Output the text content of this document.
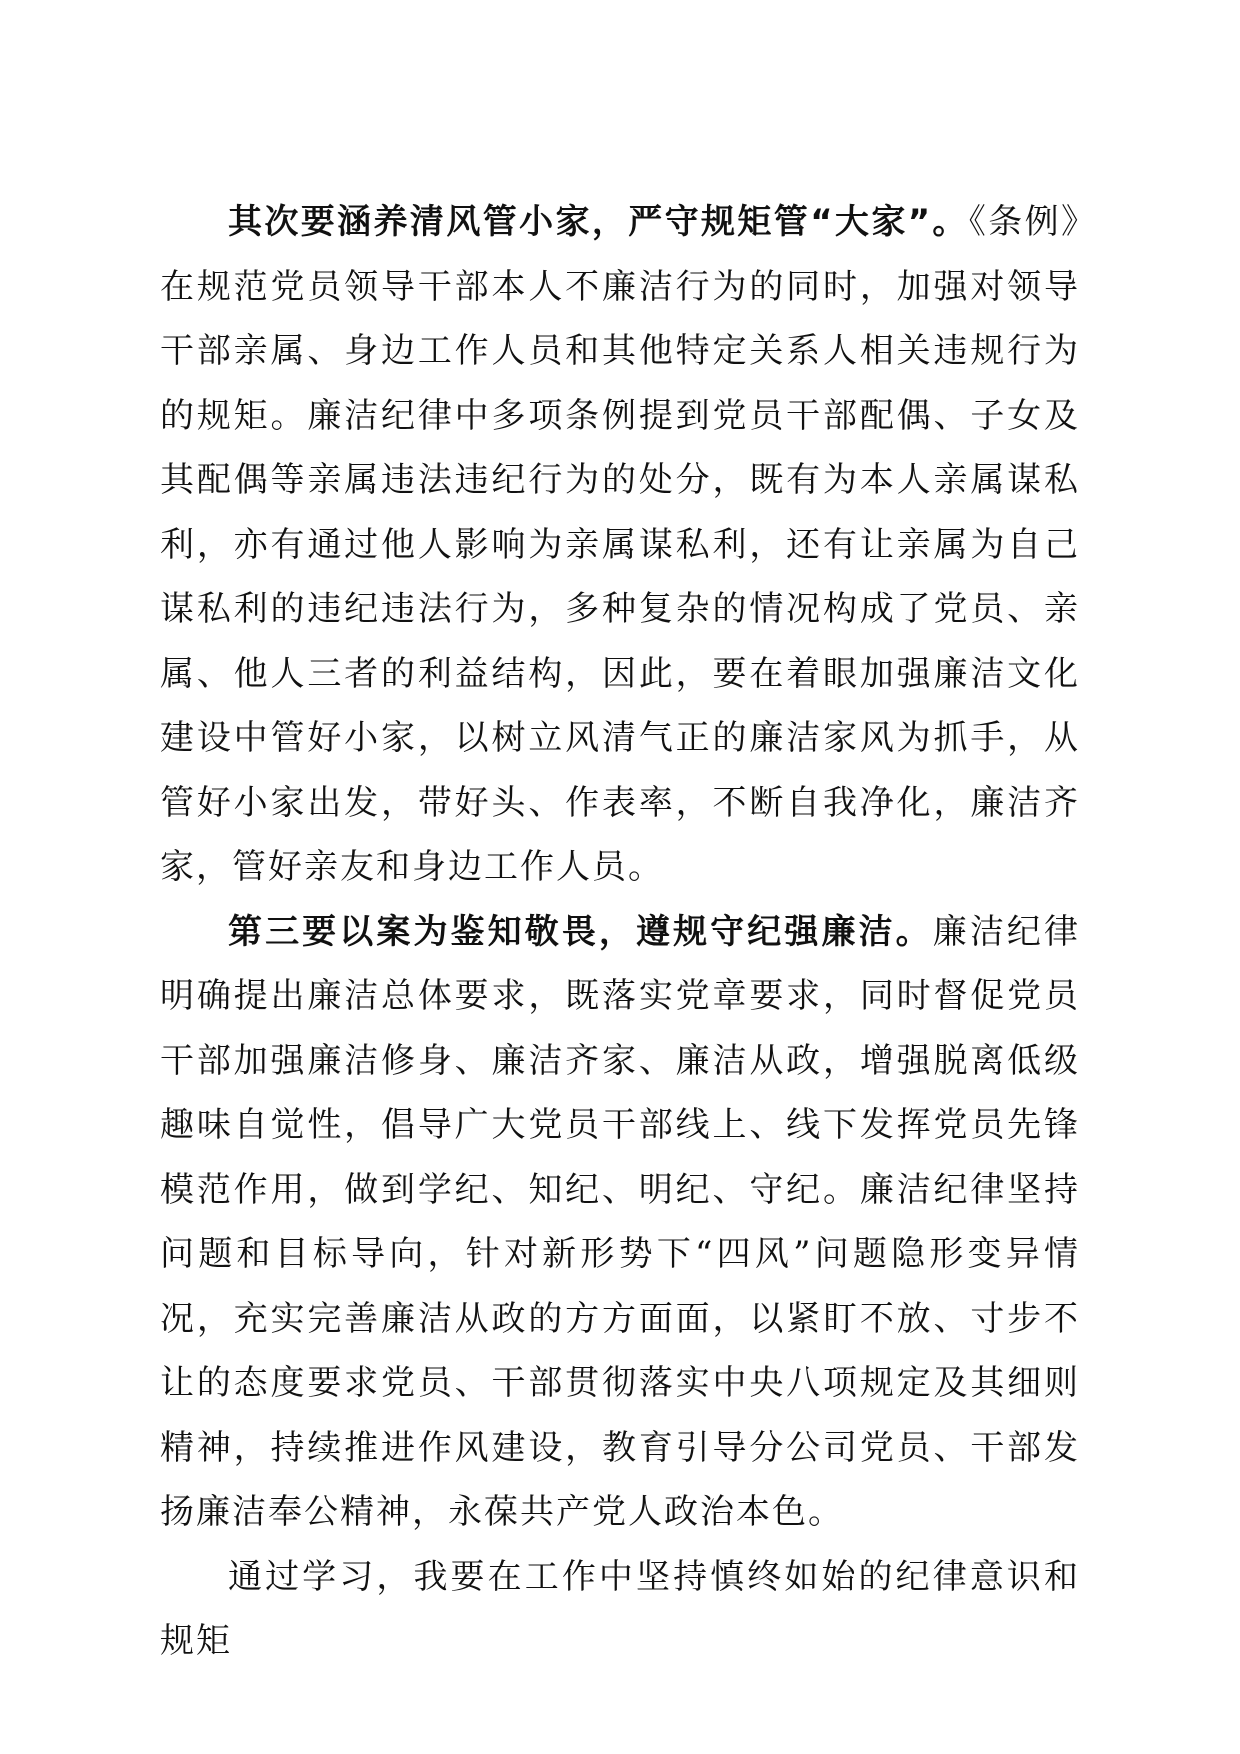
其次要涵养清风管小家，严守规矩管“大家”。《条例》在规范党员领导干部本人不廉洁行为的同时，加强对领导干部亲属、身边工作人员和其他特定关系人相关违规行为的规矩。廉洁纪律中多项条例提到党员干部配偶、子女及其配偶等亲属违法违纪行为的处分，既有为本人亲属谋私利，亦有通过他人影响为亲属谋私利，还有让亲属为自己谋私利的违纪违法行为，多种复杂的情况构成了党员、亲属、他人三者的利益结构，因此，要在着眼加强廉洁文化建设中管好小家，以树立风清气正的廉洁家风为抓手，从管好小家出发，带好头、作表率，不断自我净化，廉洁齐家，管好亲友和身边工作人员。

第三要以案为鉴知敬畏，遵规守纪强廉洁。廉洁纪律明确提出廉洁总体要求，既落实党章要求，同时督促党员干部加强廉洁修身、廉洁齐家、廉洁从政，增强脱离低级趣味自觉性，倡导广大党员干部线上、线下发挥党员先锋模范作用，做到学纪、知纪、明纪、守纪。廉洁纪律坚持问题和目标导向，针对新形势下“四风”问题隐形变异情况，充实完善廉洁从政的方方面面，以紧盯不放、寸步不让的态度要求党员、干部贯彻落实中央八项规定及其细则精神，持续推进作风建设，教育引导分公司党员、干部发扬廉洁奉公精神，永葆共产党人政治本色。

通过学习，我要在工作中坚持慎终如始的纪律意识和规矩
